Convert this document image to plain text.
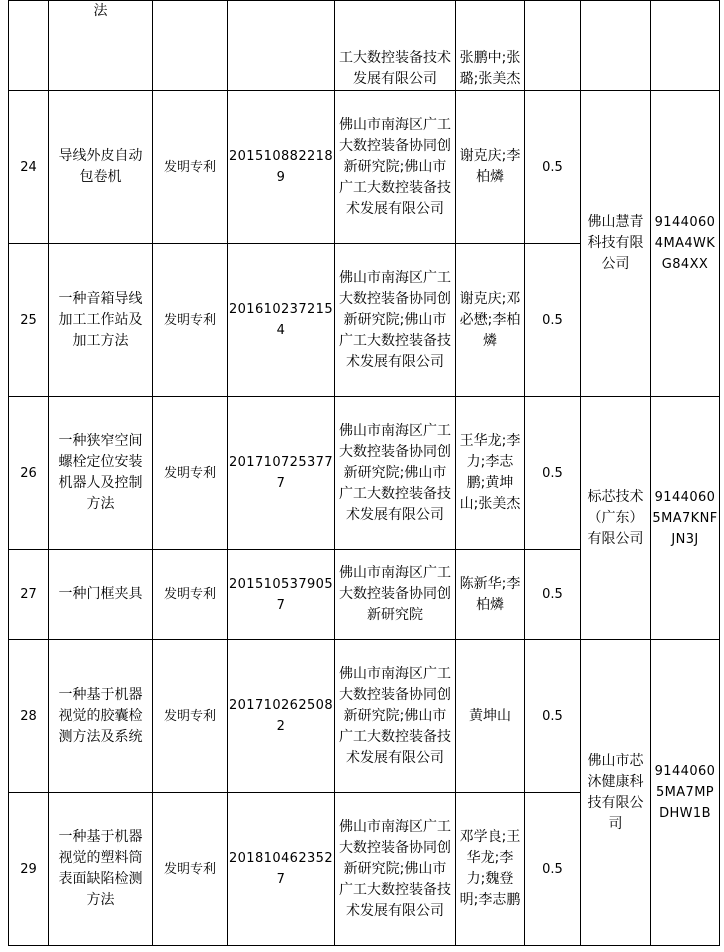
	法			工大数控装备技术发展有限公司	张鹏中;张璐;张美杰			
24	导线外皮自动包卷机	发明专利	2015108822189	佛山市南海区广工大数控装备协同创新研究院;佛山市广工大数控装备技术发展有限公司	谢克庆;李柏燐	0.5	佛山慧青科技有限公司	91440604MA4WKG84XX
25	一种音箱导线加工工作站及加工方法	发明专利	2016102372154	佛山市南海区广工大数控装备协同创新研究院;佛山市广工大数控装备技术发展有限公司	谢克庆;邓必懋;李柏燐	0.5		
26	一种狭窄空间螺栓定位安装机器人及控制方法	发明专利	2017107253777	佛山市南海区广工大数控装备协同创新研究院;佛山市广工大数控装备技术发展有限公司	王华龙;李力;李志鹏;黄坤山;张美杰	0.5	标芯技术（广东）有限公司	91440605MA7KNFJN3J
27	一种门框夹具	发明专利	2015105379057	佛山市南海区广工大数控装备协同创新研究院	陈新华;李柏燐	0.5		
28	一种基于机器视觉的胶囊检测方法及系统	发明专利	2017102625082	佛山市南海区广工大数控装备协同创新研究院;佛山市广工大数控装备技术发展有限公司	黄坤山	0.5	佛山市芯沐健康科技有限公司	91440605MA7MPDHW1B
29	一种基于机器视觉的塑料筒表面缺陷检测方法	发明专利	2018104623527	佛山市南海区广工大数控装备协同创新研究院;佛山市广工大数控装备技术发展有限公司	邓学良;王华龙;李力;魏登明;李志鹏	0.5		
